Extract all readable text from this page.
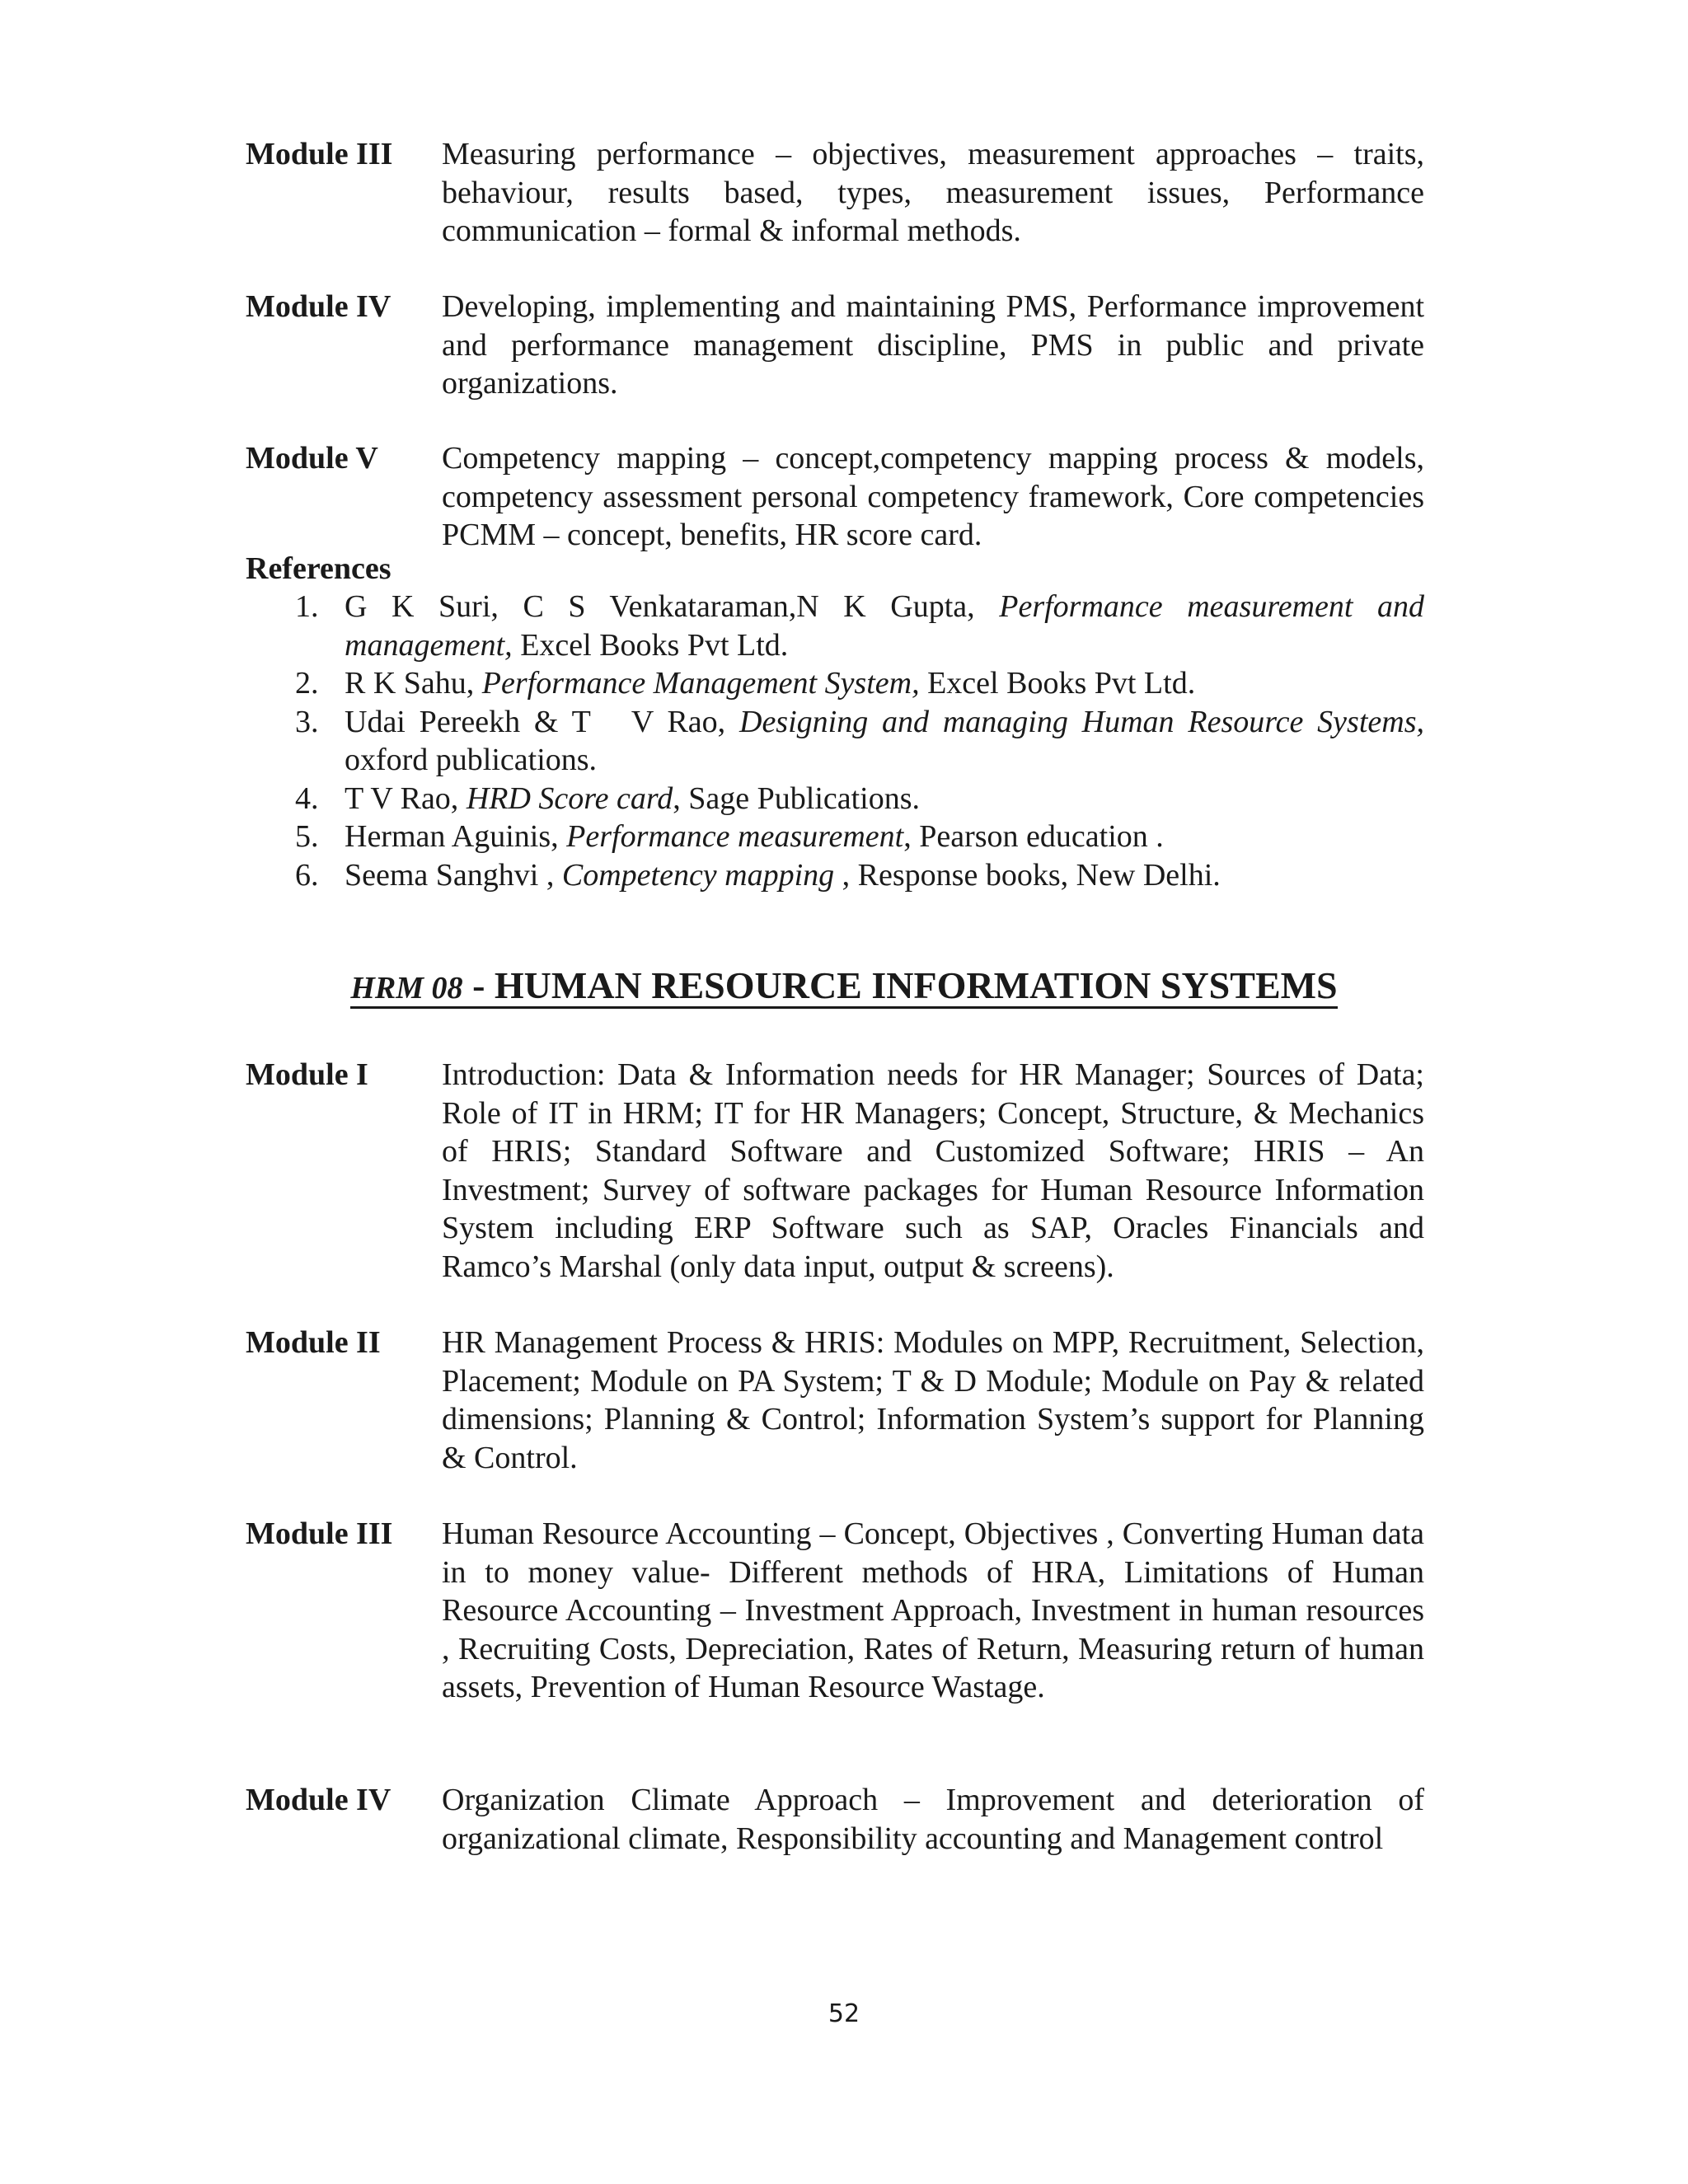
Module III Measuring performance – objectives, measurement approaches – traits, behaviour, results based, types, measurement issues, Performance communication – formal & informal methods.
Module IV Developing, implementing and maintaining PMS, Performance improvement and performance management discipline, PMS in public and private organizations.
Module V Competency mapping – concept,competency mapping process & models, competency assessment personal competency framework, Core competencies PCMM – concept, benefits, HR score card.
References
1. G K Suri, C S Venkataraman,N K Gupta, Performance measurement and management, Excel Books Pvt Ltd.
2. R K Sahu, Performance Management System, Excel Books Pvt Ltd.
3. Udai Pereekh & T   V Rao, Designing and managing Human Resource Systems, oxford publications.
4. T V Rao, HRD Score card, Sage Publications.
5. Herman Aguinis, Performance measurement, Pearson education .
6. Seema Sanghvi , Competency mapping , Response books, New Delhi.
HRM 08 - HUMAN RESOURCE INFORMATION SYSTEMS
Module I Introduction: Data & Information needs for HR Manager; Sources of Data; Role of IT in HRM; IT for HR Managers; Concept, Structure, & Mechanics of HRIS; Standard Software and Customized Software; HRIS – An Investment; Survey of software packages for Human Resource Information System including ERP Software such as SAP, Oracles Financials and Ramco’s Marshal (only data input, output & screens).
Module II HR Management Process & HRIS: Modules on MPP, Recruitment, Selection, Placement; Module on PA System; T & D Module; Module on Pay & related dimensions; Planning & Control; Information System’s support for Planning & Control.
Module III Human Resource Accounting – Concept, Objectives , Converting Human data in to money value- Different methods of HRA, Limitations of Human Resource Accounting – Investment Approach, Investment in human resources , Recruiting Costs, Depreciation, Rates of Return, Measuring return of human assets, Prevention of Human Resource Wastage.
Module IV Organization Climate Approach – Improvement and deterioration of organizational climate, Responsibility accounting and Management control
52
